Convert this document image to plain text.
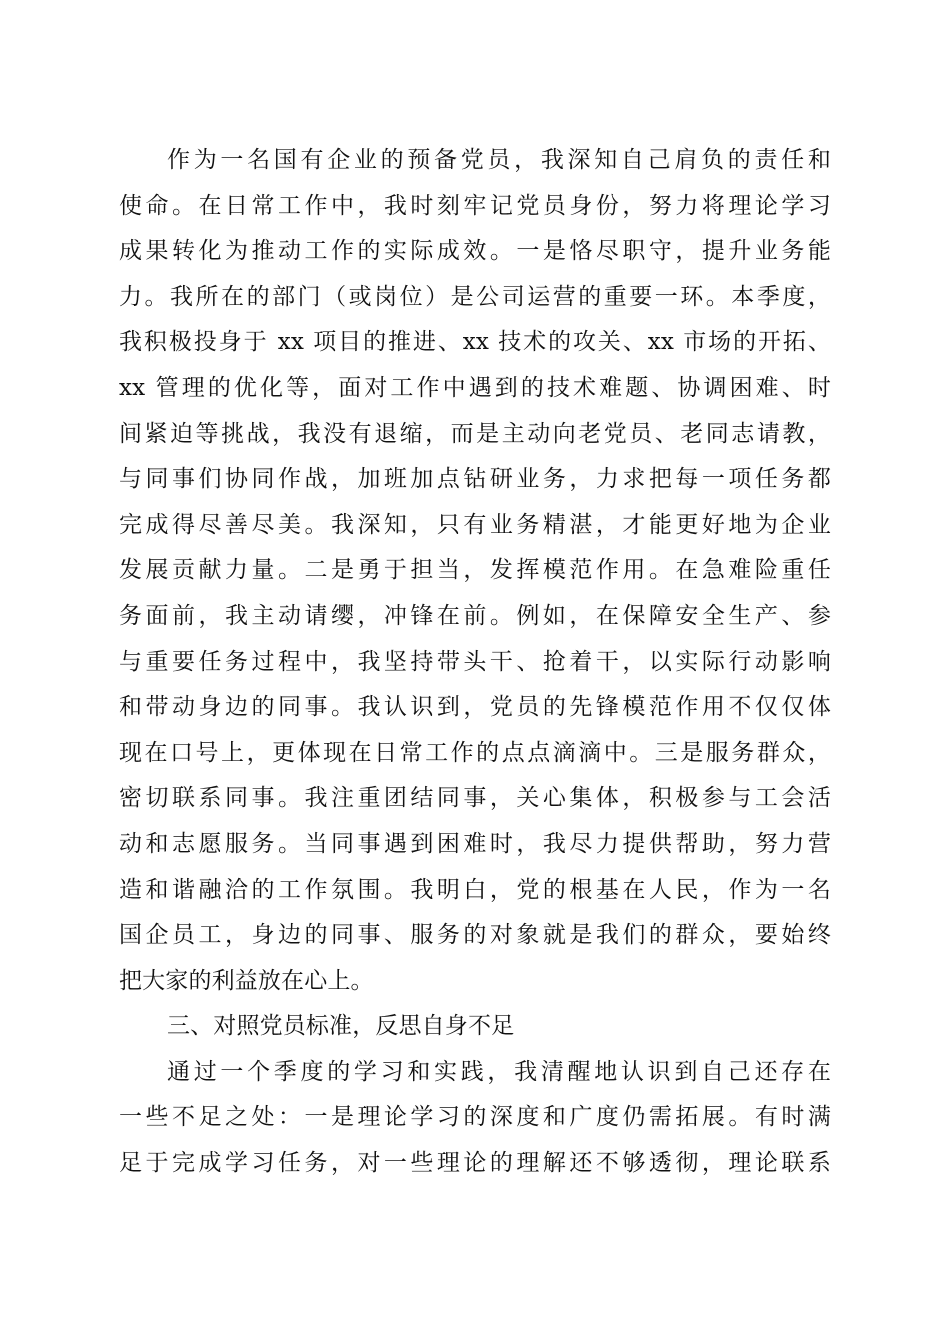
作为一名国有企业的预备党员，我深知自己肩负的责任和
使命。在日常工作中，我时刻牢记党员身份，努力将理论学习
成果转化为推动工作的实际成效。一是恪尽职守，提升业务能
力。我所在的部门（或岗位）是公司运营的重要一环。本季度，
我积极投身于 xx 项目的推进、xx 技术的攻关、xx 市场的开拓、
xx 管理的优化等，面对工作中遇到的技术难题、协调困难、时
间紧迫等挑战，我没有退缩，而是主动向老党员、老同志请教，
与同事们协同作战，加班加点钻研业务，力求把每一项任务都
完成得尽善尽美。我深知，只有业务精湛，才能更好地为企业
发展贡献力量。二是勇于担当，发挥模范作用。在急难险重任
务面前，我主动请缨，冲锋在前。例如，在保障安全生产、参
与重要任务过程中，我坚持带头干、抢着干，以实际行动影响
和带动身边的同事。我认识到，党员的先锋模范作用不仅仅体
现在口号上，更体现在日常工作的点点滴滴中。三是服务群众，
密切联系同事。我注重团结同事，关心集体，积极参与工会活
动和志愿服务。当同事遇到困难时，我尽力提供帮助，努力营
造和谐融洽的工作氛围。我明白，党的根基在人民，作为一名
国企员工，身边的同事、服务的对象就是我们的群众，要始终
把大家的利益放在心上。
三、对照党员标准，反思自身不足
通过一个季度的学习和实践，我清醒地认识到自己还存在
一些不足之处：一是理论学习的深度和广度仍需拓展。有时满
足于完成学习任务，对一些理论的理解还不够透彻，理论联系
